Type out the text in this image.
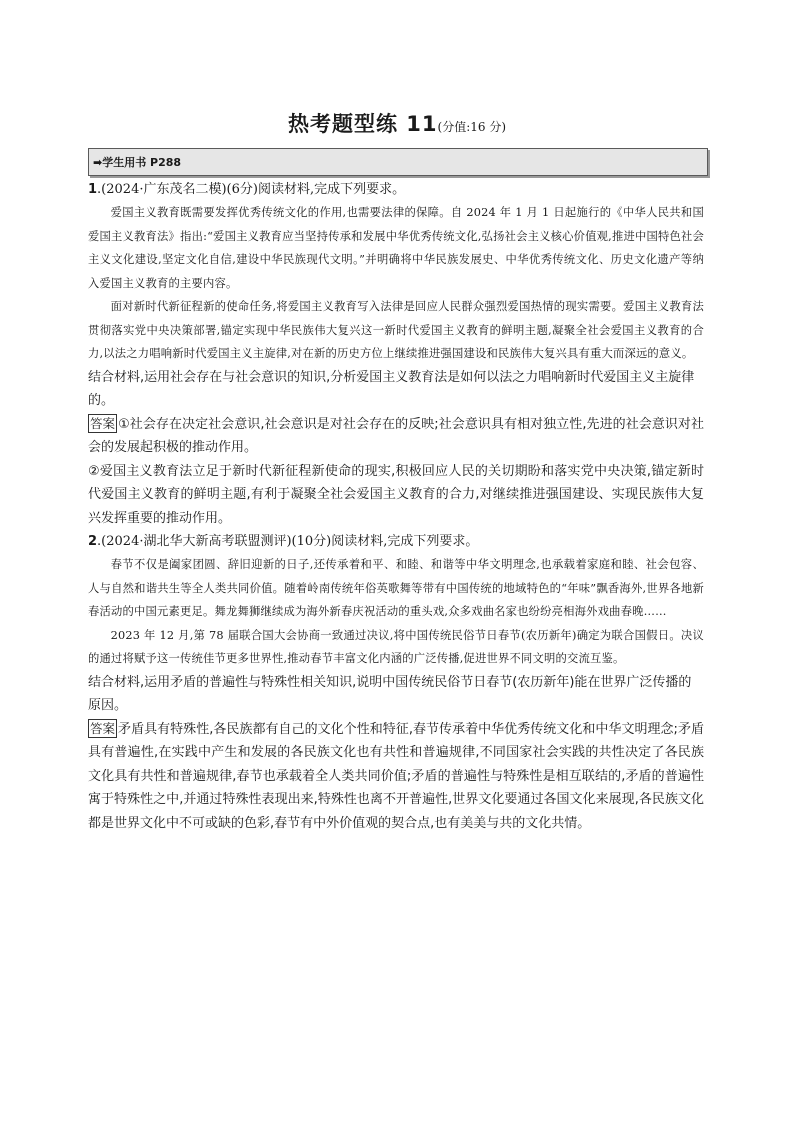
热考题型练 11(分值:16 分)
➡学生用书 P288

1.(2024·广东茂名二模)(6分)阅读材料,完成下列要求。

爱国主义教育既需要发挥优秀传统文化的作用,也需要法律的保障。自 2024 年 1 月 1 日起施行的《中华人民共和国爱国主义教育法》指出:“爱国主义教育应当坚持传承和发展中华优秀传统文化,弘扬社会主义核心价值观,推进中国特色社会主义文化建设,坚定文化自信,建设中华民族现代文明。”并明确将中华民族发展史、中华优秀传统文化、历史文化遗产等纳入爱国主义教育的主要内容。

面对新时代新征程新的使命任务,将爱国主义教育写入法律是回应人民群众强烈爱国热情的现实需要。爱国主义教育法贯彻落实党中央决策部署,锚定实现中华民族伟大复兴这一新时代爱国主义教育的鲜明主题,凝聚全社会爱国主义教育的合力,以法之力唱响新时代爱国主义主旋律,对在新的历史方位上继续推进强国建设和民族伟大复兴具有重大而深远的意义。

结合材料,运用社会存在与社会意识的知识,分析爱国主义教育法是如何以法之力唱响新时代爱国主义主旋律的。

答案 ①社会存在决定社会意识,社会意识是对社会存在的反映;社会意识具有相对独立性,先进的社会意识对社会的发展起积极的推动作用。

②爱国主义教育法立足于新时代新征程新使命的现实,积极回应人民的关切期盼和落实党中央决策,锚定新时代爱国主义教育的鲜明主题,有利于凝聚全社会爱国主义教育的合力,对继续推进强国建设、实现民族伟大复兴发挥重要的推动作用。

2.(2024·湖北华大新高考联盟测评)(10分)阅读材料,完成下列要求。

春节不仅是阖家团圆、辞旧迎新的日子,还传承着和平、和睦、和谐等中华文明理念,也承载着家庭和睦、社会包容、人与自然和谐共生等全人类共同价值。随着岭南传统年俗英歌舞等带有中国传统的地域特色的“年味”飘香海外,世界各地新春活动的中国元素更足。舞龙舞狮继续成为海外新春庆祝活动的重头戏,众多戏曲名家也纷纷亮相海外戏曲春晚……

2023 年 12 月,第 78 届联合国大会协商一致通过决议,将中国传统民俗节日春节(农历新年)确定为联合国假日。决议的通过将赋予这一传统佳节更多世界性,推动春节丰富文化内涵的广泛传播,促进世界不同文明的交流互鉴。

结合材料,运用矛盾的普遍性与特殊性相关知识,说明中国传统民俗节日春节(农历新年)能在世界广泛传播的原因。

答案 矛盾具有特殊性,各民族都有自己的文化个性和特征,春节传承着中华优秀传统文化和中华文明理念;矛盾具有普遍性,在实践中产生和发展的各民族文化也有共性和普遍规律,不同国家社会实践的共性决定了各民族文化具有共性和普遍规律,春节也承载着全人类共同价值;矛盾的普遍性与特殊性是相互联结的,矛盾的普遍性寓于特殊性之中,并通过特殊性表现出来,特殊性也离不开普遍性,世界文化要通过各国文化来展现,各民族文化都是世界文化中不可或缺的色彩,春节有中外价值观的契合点,也有美美与共的文化共情。
